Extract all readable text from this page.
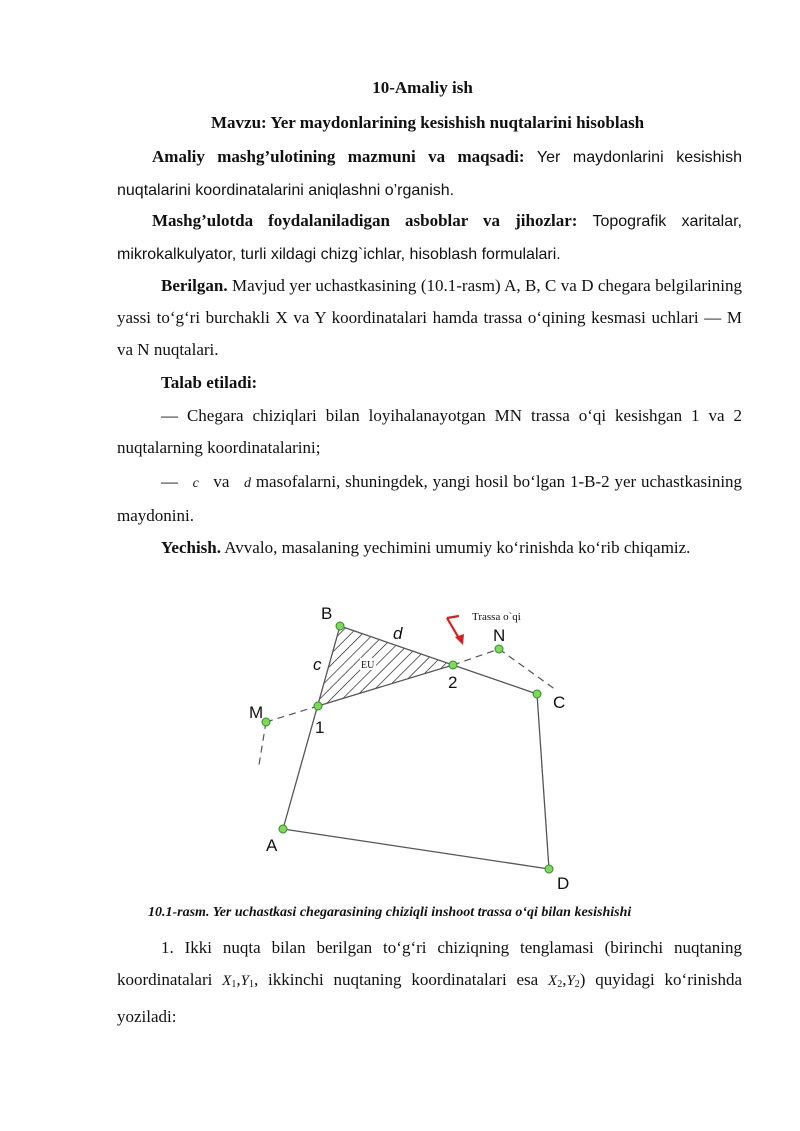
10-Amaliy ish
Mavzu: Yer maydonlarining kesishish nuqtalarini hisoblash
Amaliy mashg’ulotining mazmuni va maqsadi: Yer maydonlarini kesishish nuqtalarini koordinatalarini aniqlashni o’rganish.
Mashg’ulotda foydalaniladigan asboblar va jihozlar: Topografik xaritalar, mikrokalkulyator, turli xildagi chizg`ichlar, hisoblash formulalari.
Berilgan. Mavjud yer uchastkasining (10.1-rasm) A, B, C va D chegara belgilarining yassi to‘g‘ri burchakli X va Y koordinatalari hamda trassa o‘qining kesmasi uchlari — M va N nuqtalari.
Talab etiladi:
— Chegara chiziqlari bilan loyihalanayotgan MN trassa o‘qi kesishgan 1 va 2 nuqtalarning koordinatalarini;
— c va d masofalarni, shuningdek, yangi hosil bo‘lgan 1-B-2 yer uchastkasining maydonini.
Yechish. Avvalo, masalaning yechimini umumiy ko‘rinishda ko‘rib chiqamiz.
EU
Trassa o`qi
B
C
D
A
M
N
1
2
d
c
10.1-rasm. Yer uchastkasi chegarasining chiziqli inshoot trassa o‘qi bilan kesishishi
1. Ikki nuqta bilan berilgan to‘g‘ri chiziqning tenglamasi (birinchi nuqtaning koordinatalari $X_1,Y_1$, ikkinchi nuqtaning koordinatalari esa $X_2,Y_2$) quyidagi ko‘rinishda yoziladi:
